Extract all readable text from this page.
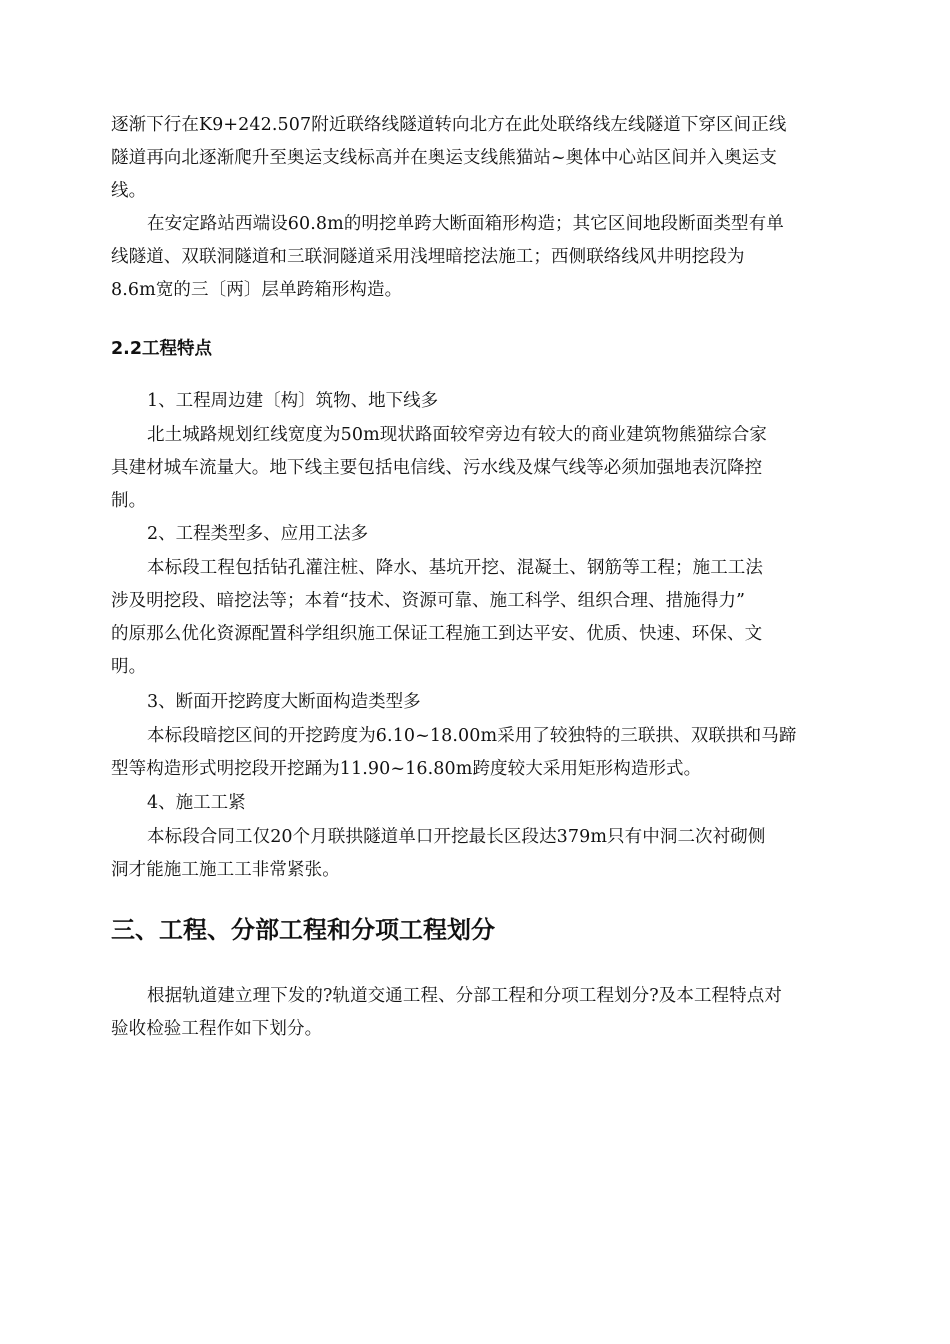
逐渐下行在K9+242.507附近联络线隧道转向北方在此处联络线左线隧道下穿区间正线
隧道再向北逐渐爬升至奥运支线标高并在奥运支线熊猫站~奥体中心站区间并入奥运支
线。
在安定路站西端设60.8m的明挖单跨大断面箱形构造；其它区间地段断面类型有单
线隧道、双联洞隧道和三联洞隧道采用浅埋暗挖法施工；西侧联络线风井明挖段为
8.6m宽的三〔两〕层单跨箱形构造。
2.2工程特点

1、工程周边建〔构〕筑物、地下线多

北土城路规划红线宽度为50m现状路面较窄旁边有较大的商业建筑物熊猫综合家
具建材城车流量大。地下线主要包括电信线、污水线及煤气线等必须加强地表沉降控
制。

2、工程类型多、应用工法多

本标段工程包括钻孔灌注桩、降水、基坑开挖、混凝土、钢筋等工程；施工工法
涉及明挖段、暗挖法等；本着“技术、资源可靠、施工科学、组织合理、措施得力”
的原那么优化资源配置科学组织施工保证工程施工到达平安、优质、快速、环保、文
明。

3、断面开挖跨度大断面构造类型多

本标段暗挖区间的开挖跨度为6.10~18.00m采用了较独特的三联拱、双联拱和马蹄
型等构造形式明挖段开挖踊为11.90~16.80m跨度较大采用矩形构造形式。

4、施工工紧

本标段合同工仅20个月联拱隧道单口开挖最长区段达379m只有中洞二次衬砌侧
洞才能施工施工工非常紧张。
三、工程、分部工程和分项工程划分
根据轨道建立理下发的?轨道交通工程、分部工程和分项工程划分?及本工程特点对
验收检验工程作如下划分。
